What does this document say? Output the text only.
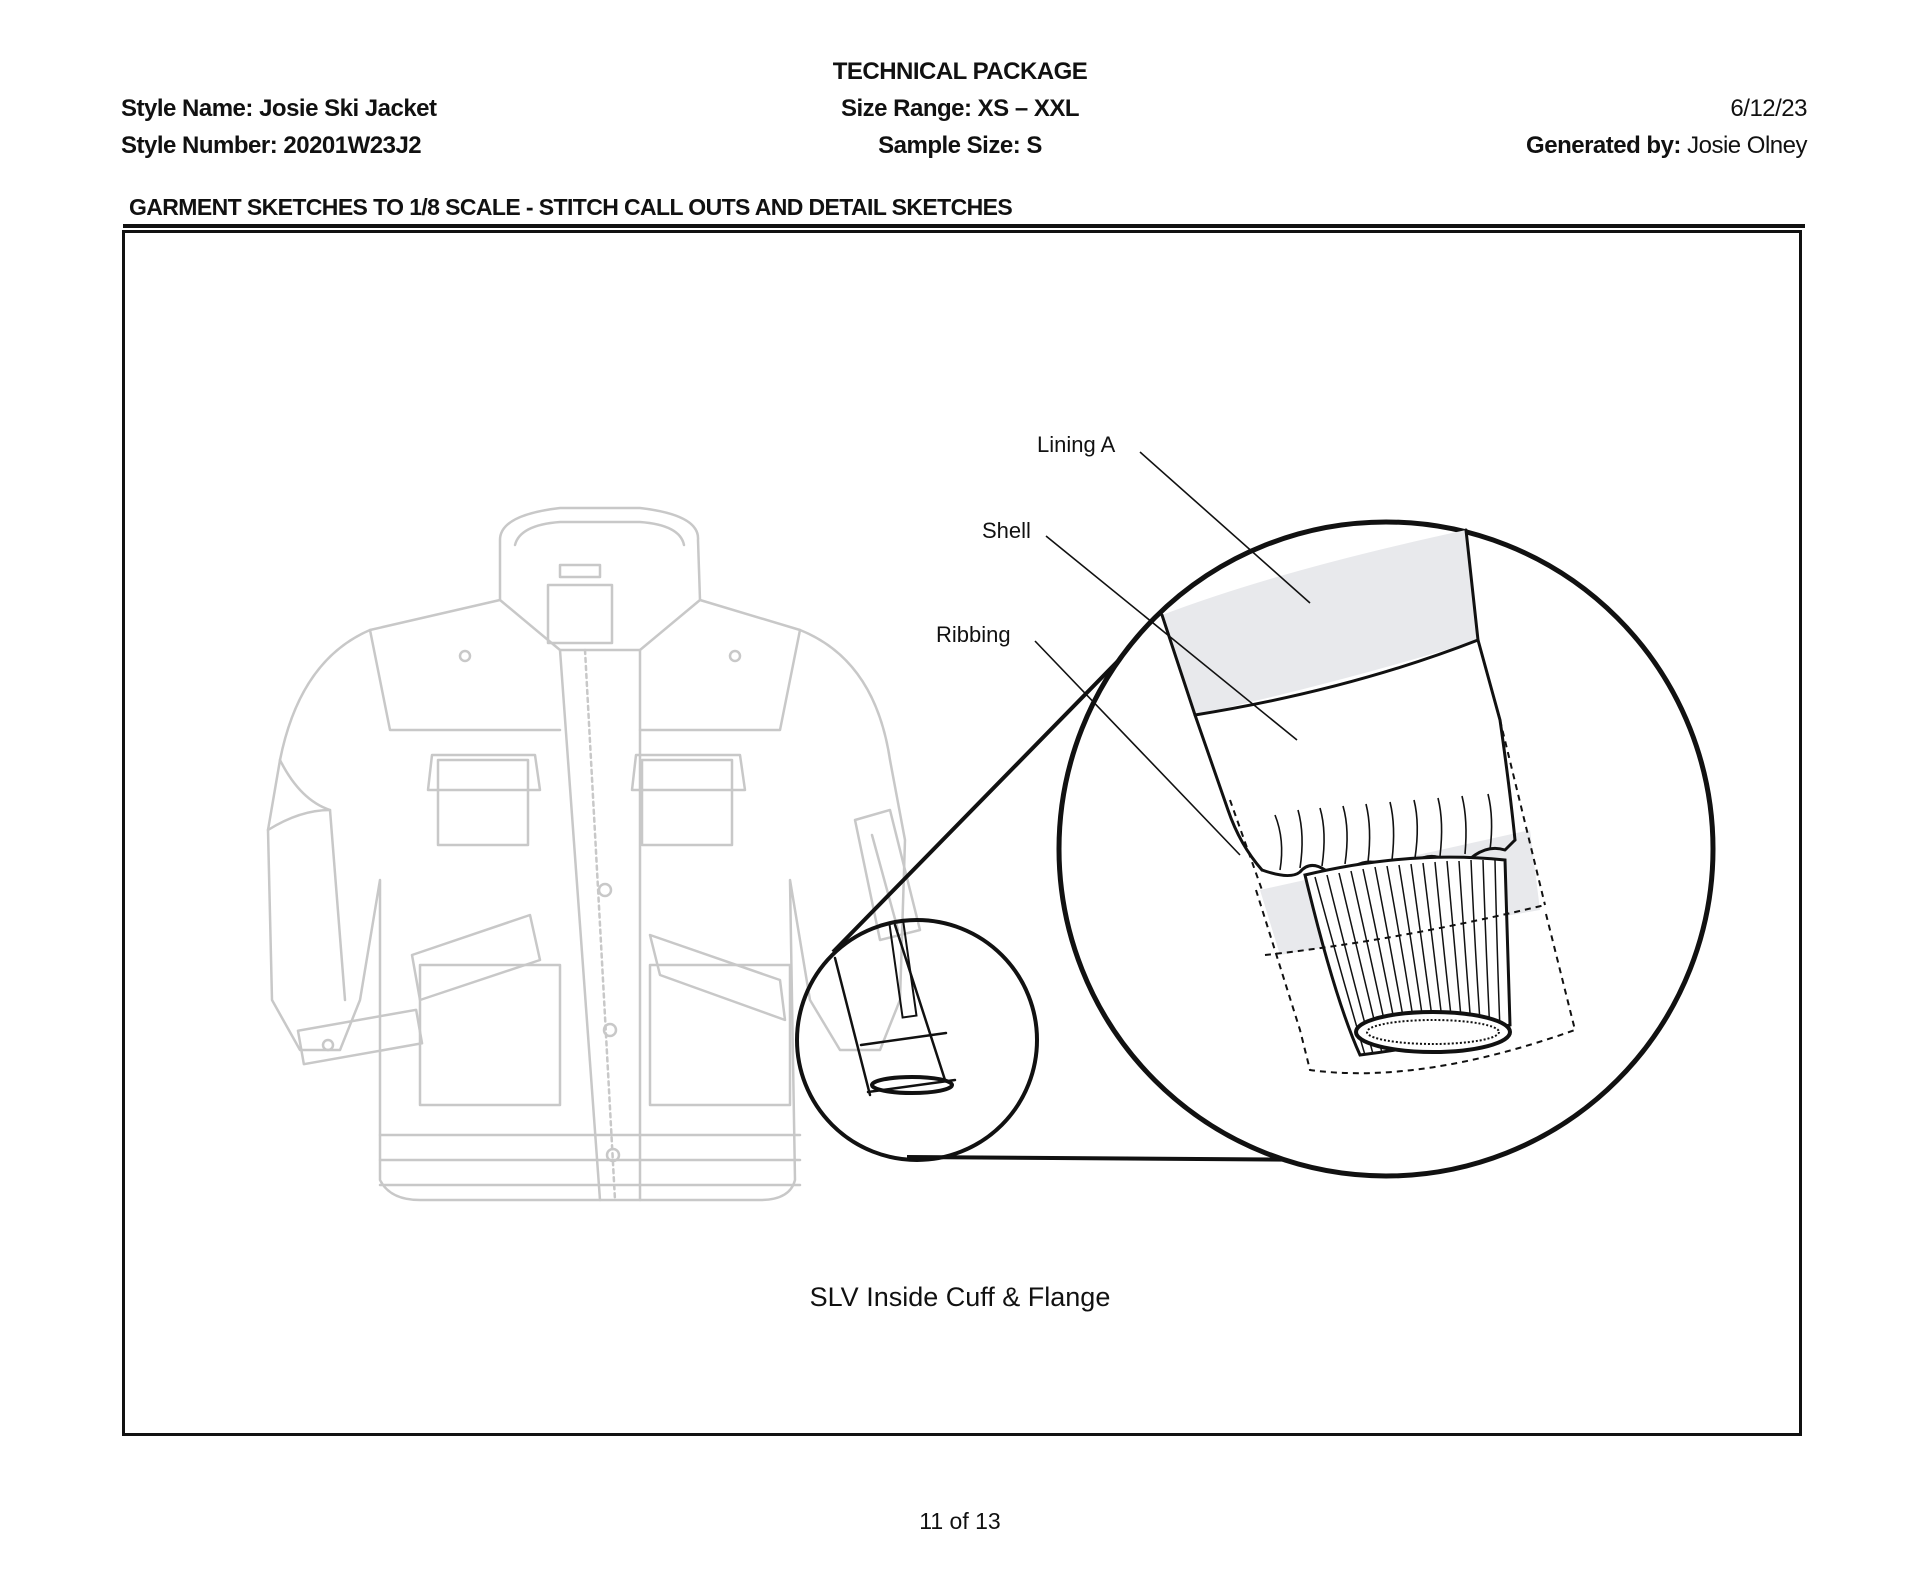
TECHNICAL PACKAGE
Size Range: XS – XXL
Sample Size: S
Style Name: Josie Ski Jacket
Style Number: 20201W23J2
6/12/23
Generated by: Josie Olney
GARMENT SKETCHES TO 1/8 SCALE - STITCH CALL OUTS AND DETAIL SKETCHES
Lining A
Shell
Ribbing
SLV Inside Cuff & Flange
11 of 13
